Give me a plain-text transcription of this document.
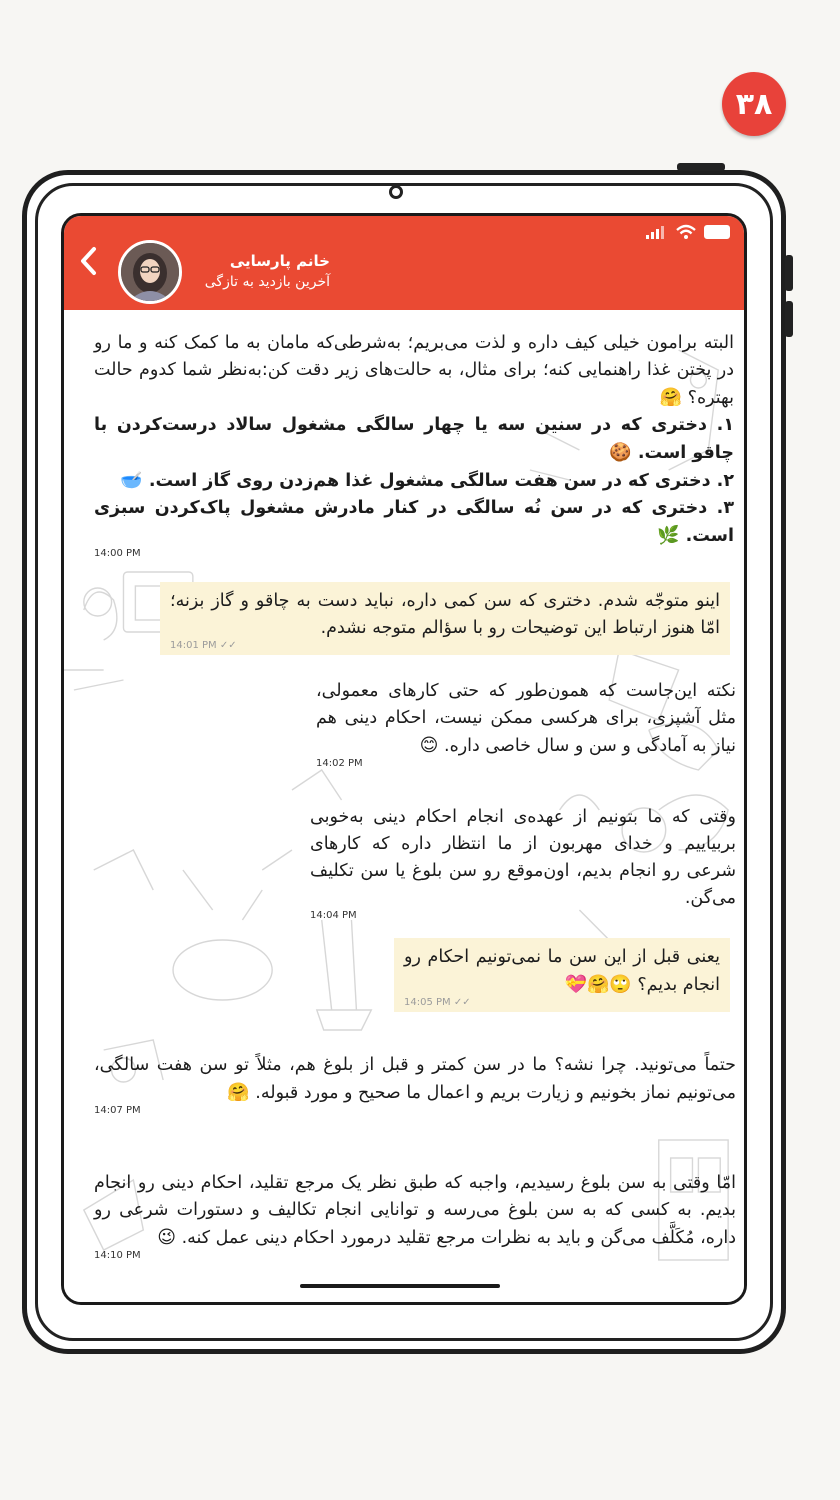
۳۸
خانم پارسایی
آخرین بازدید به تازگی
البته برامون خیلی کیف داره و لذت می‌بریم؛ به‌شرطی‌که مامان به ما کمک کنه و ما رو در پختن غذا راهنمایی کنه؛ برای مثال، به حالت‌های زیر دقت کن:به‌نظر شما کدوم حالت بهتره؟ 🤗
۱. دختری که در سنین سه یا چهار سالگی مشغول سالاد درست‌کردن با چاقو است. 🍪
۲. دختری که در سن هفت سالگی مشغول غذا هم‌زدن روی گاز است. 🥣
۳. دختری که در سن نُه سالگی در کنار مادرش مشغول پاک‌کردن سبزی است. 🌿
14:00 PM
اینو متوجّه شدم. دختری که سن کمی داره، نباید دست به چاقو و گاز بزنه؛ امّا هنوز ارتباط این توضیحات رو با سؤالم متوجه نشدم.
14:01 PM ✓✓
نکته این‌جاست که همون‌طور که حتی کارهای معمولی، مثل آشپزی، برای هرکسی ممکن نیست، احکام دینی هم نیاز به آمادگی و سن و سال خاصی داره. 😊
14:02 PM
وقتی که ما بتونیم از عهده‌ی انجام احکام دینی به‌خوبی بربیاییم و خدای مهربون از ما انتظار داره که کارهای شرعی رو انجام بدیم، اون‌موقع رو سن بلوغ یا سن تکلیف می‌گن.
14:04 PM
یعنی قبل از این سن ما نمی‌تونیم احکام رو انجام بدیم؟ 🙄🤗💝
14:05 PM ✓✓
حتماً می‌تونید. چرا نشه؟ ما در سن کمتر و قبل از بلوغ هم، مثلاً تو سن هفت سالگی، می‌تونیم نماز بخونیم و زیارت بریم و اعمال ما صحیح و مورد قبوله. 🤗
14:07 PM
امّا وقتی به سن بلوغ رسیدیم، واجبه که طبق نظر یک مرجع تقلید، احکام دینی رو انجام بدیم. به کسی که به سن بلوغ می‌رسه و توانایی انجام تکالیف و دستورات شرعی رو داره، مُکَلَّف می‌گن و باید به نظرات مرجع تقلید درمورد احکام دینی عمل کنه. 😉
14:10 PM
